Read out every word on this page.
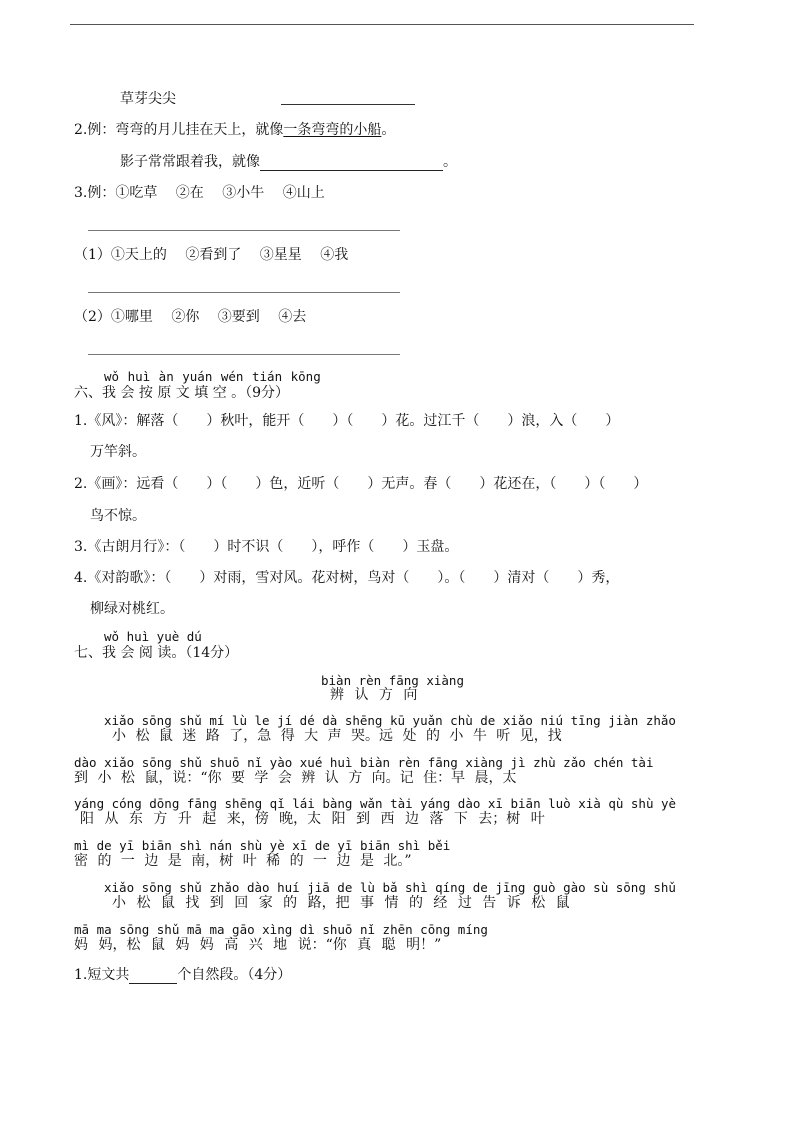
草芽尖尖
2.例：弯弯的月儿挂在天上，就像一条弯弯的小船。
影子常常跟着我，就像	。
3.例：①吃草　 ②在　 ③小牛　 ④山上
（1）①天上的　 ②看到了　 ③星星　 ④我
（2）①哪里　 ②你　 ③要到　 ④去
wǒ huì àn yuán wén tián kōng
六、我 会 按 原 文 填 空 。（9分）
1.《风》：解落（　　）秋叶，能开（　　）（　　）花。过江千（　　）浪，入（　　）
万竿斜。
2.《画》：远看（　　）（　　）色，近听（　　）无声。春（　　）花还在，（　　）（　　）
鸟不惊。
3.《古朗月行》：（　　）时不识（　　），呼作（　　）玉盘。
4.《对韵歌》：（　　）对雨，雪对风。花对树，鸟对（　　）。（　　）清对（　　）秀，
柳绿对桃红。
wǒ huì yuè dú
七、我 会 阅 读。（14分）
biàn rèn fāng xiàng
辨 认 方 向
xiǎo sōng shǔ mí lù le jí dé dà shēng kū yuǎn chù de xiǎo niú tīng jiàn zhǎo
小 松 鼠 迷 路 了，急 得 大 声 哭。远 处 的 小 牛 听 见，找
dào xiǎo sōng shǔ shuō nǐ yào xué huì biàn rèn fāng xiàng jì zhù zǎo chén tài
到 小 松 鼠，说：“你 要 学 会 辨 认 方 向。记 住：早 晨，太
yáng cóng dōng fāng shēng qǐ lái bàng wǎn tài yáng dào xī biān luò xià qù shù yè
阳 从 东 方 升 起 来，傍 晚，太 阳 到 西 边 落 下 去；树 叶
mì de yī biān shì nán shù yè xī de yī biān shì běi
密 的 一 边 是 南，树 叶 稀 的 一 边 是 北。”
xiǎo sōng shǔ zhǎo dào huí jiā de lù bǎ shì qíng de jīng guò gào sù sōng shǔ
小 松 鼠 找 到 回 家 的 路，把 事 情 的 经 过 告 诉 松 鼠
mā ma sōng shǔ mā ma gāo xìng dì shuō nǐ zhēn cōng míng
妈 妈，松 鼠 妈 妈 高 兴 地 说：“你 真 聪 明！”
1.短文共	个自然段。（4分）
